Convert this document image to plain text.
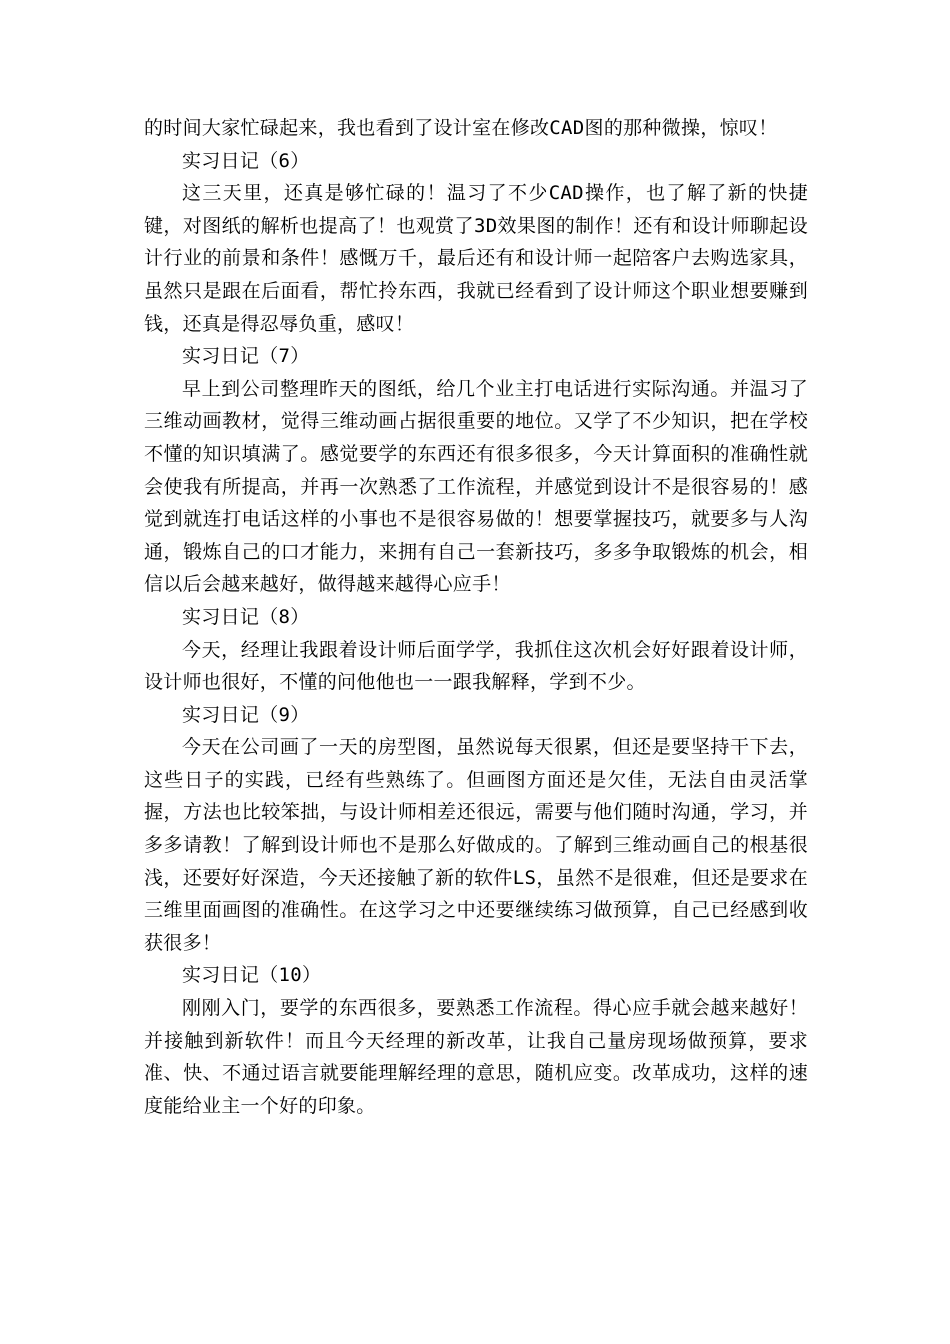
的时间大家忙碌起来，我也看到了设计室在修改CAD图的那种微操，惊叹！

实习日记（6）

这三天里，还真是够忙碌的！温习了不少CAD操作，也了解了新的快捷键，对图纸的解析也提高了！也观赏了3D效果图的制作！还有和设计师聊起设计行业的前景和条件！感慨万千，最后还有和设计师一起陪客户去购选家具，虽然只是跟在后面看，帮忙拎东西，我就已经看到了设计师这个职业想要赚到钱，还真是得忍辱负重，感叹！

实习日记（7）

早上到公司整理昨天的图纸，给几个业主打电话进行实际沟通。并温习了三维动画教材，觉得三维动画占据很重要的地位。又学了不少知识，把在学校不懂的知识填满了。感觉要学的东西还有很多很多，今天计算面积的准确性就会使我有所提高，并再一次熟悉了工作流程，并感觉到设计不是很容易的！感觉到就连打电话这样的小事也不是很容易做的！想要掌握技巧，就要多与人沟通，锻炼自己的口才能力，来拥有自己一套新技巧，多多争取锻炼的机会，相信以后会越来越好，做得越来越得心应手！

实习日记（8）

今天，经理让我跟着设计师后面学学，我抓住这次机会好好跟着设计师，设计师也很好，不懂的问他他也一一跟我解释，学到不少。

实习日记（9）

今天在公司画了一天的房型图，虽然说每天很累，但还是要坚持干下去，这些日子的实践，已经有些熟练了。但画图方面还是欠佳，无法自由灵活掌握，方法也比较笨拙，与设计师相差还很远，需要与他们随时沟通，学习，并多多请教！了解到设计师也不是那么好做成的。了解到三维动画自己的根基很浅，还要好好深造，今天还接触了新的软件LS，虽然不是很难，但还是要求在三维里面画图的准确性。在这学习之中还要继续练习做预算，自己已经感到收获很多！

实习日记（10）

刚刚入门，要学的东西很多，要熟悉工作流程。得心应手就会越来越好！并接触到新软件！而且今天经理的新改革，让我自己量房现场做预算，要求准、快、不通过语言就要能理解经理的意思，随机应变。改革成功，这样的速度能给业主一个好的印象。
